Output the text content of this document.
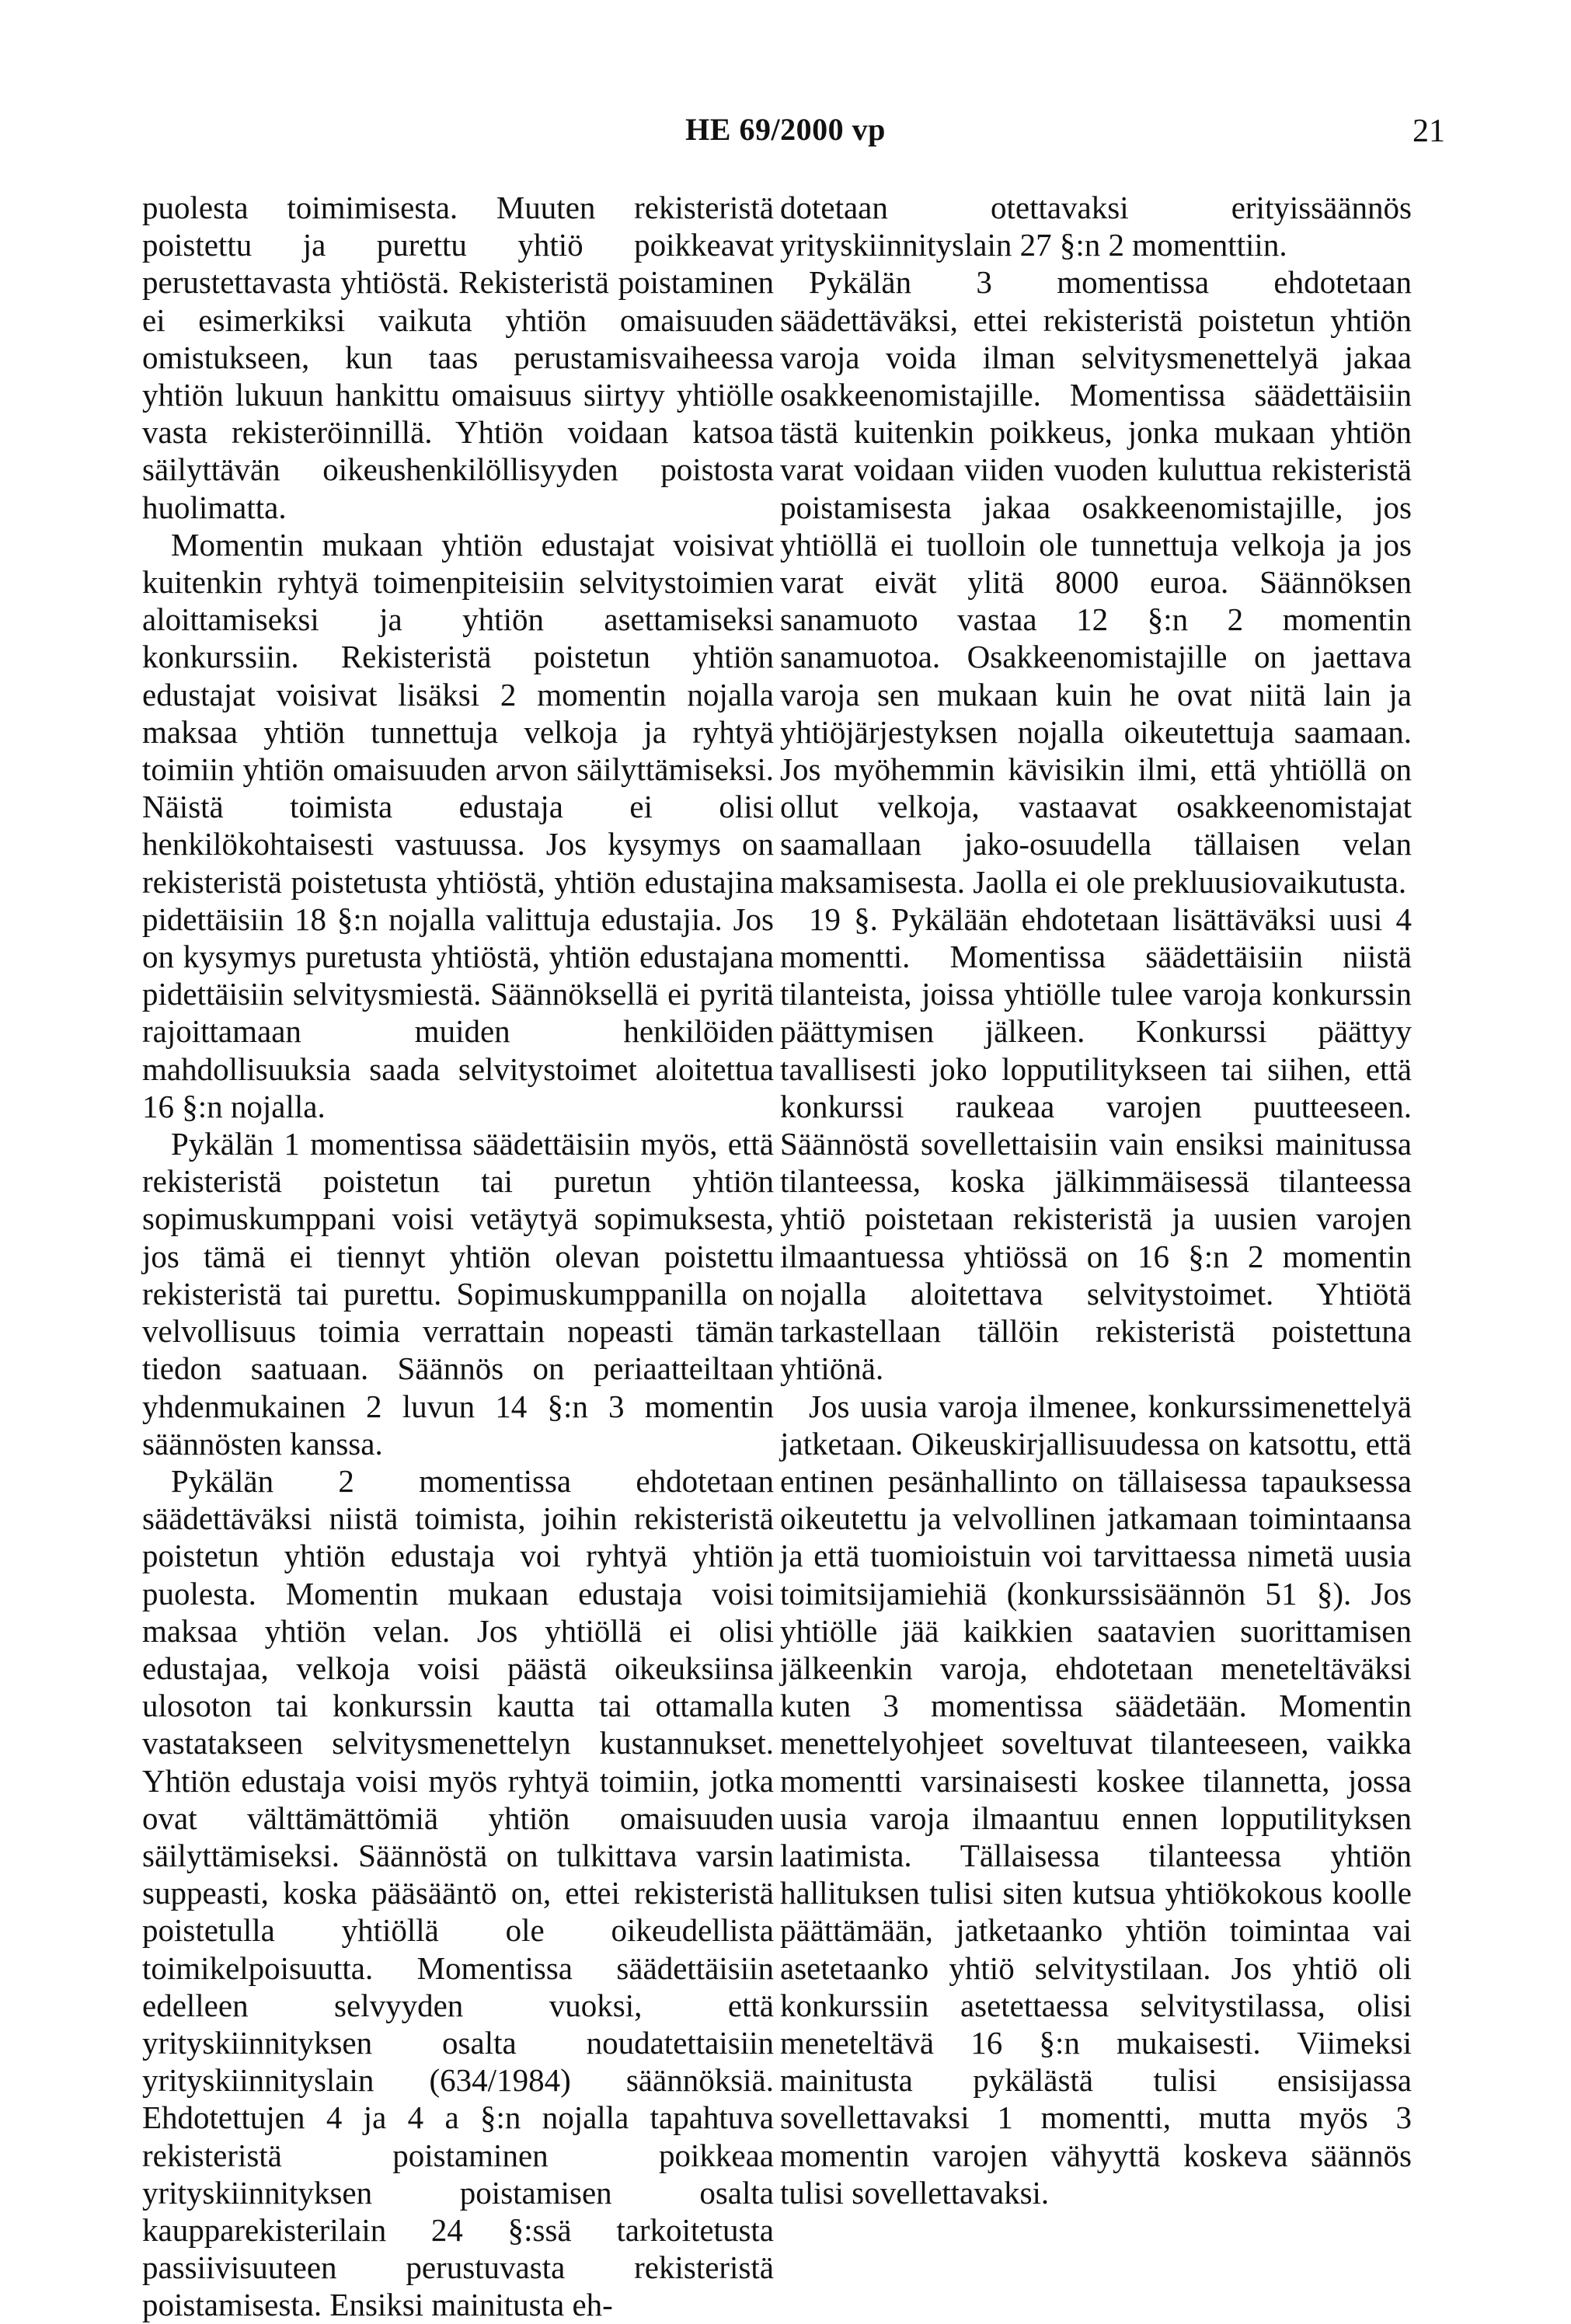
HE 69/2000 vp	21

puolesta toimimisesta. Muuten rekisteristä poistettu ja purettu yhtiö poikkeavat perustettavasta yhtiöstä. Rekisteristä poistaminen ei esimerkiksi vaikuta yhtiön omaisuuden omistukseen, kun taas perustamisvaiheessa yhtiön lukuun hankittu omaisuus siirtyy yhtiölle vasta rekisteröinnillä. Yhtiön voidaan katsoa säilyttävän oikeushenkilöllisyyden poistosta huolimatta.

Momentin mukaan yhtiön edustajat voisivat kuitenkin ryhtyä toimenpiteisiin selvitystoimien aloittamiseksi ja yhtiön asettamiseksi konkurssiin. Rekisteristä poistetun yhtiön edustajat voisivat lisäksi 2 momentin nojalla maksaa yhtiön tunnettuja velkoja ja ryhtyä toimiin yhtiön omaisuuden arvon säilyttämiseksi. Näistä toimista edustaja ei olisi henkilökohtaisesti vastuussa. Jos kysymys on rekisteristä poistetusta yhtiöstä, yhtiön edustajina pidettäisiin 18 §:n nojalla valittuja edustajia. Jos on kysymys puretusta yhtiöstä, yhtiön edustajana pidettäisiin selvitysmiestä. Säännöksellä ei pyritä rajoittamaan muiden henkilöiden mahdollisuuksia saada selvitystoimet aloitettua 16 §:n nojalla.

Pykälän 1 momentissa säädettäisiin myös, että rekisteristä poistetun tai puretun yhtiön sopimuskumppani voisi vetäytyä sopimuksesta, jos tämä ei tiennyt yhtiön olevan poistettu rekisteristä tai purettu. Sopimuskumppanilla on velvollisuus toimia verrattain nopeasti tämän tiedon saatuaan. Säännös on periaatteiltaan yhdenmukainen 2 luvun 14 §:n 3 momentin säännösten kanssa.

Pykälän 2 momentissa ehdotetaan säädettäväksi niistä toimista, joihin rekisteristä poistetun yhtiön edustaja voi ryhtyä yhtiön puolesta. Momentin mukaan edustaja voisi maksaa yhtiön velan. Jos yhtiöllä ei olisi edustajaa, velkoja voisi päästä oikeuksiinsa ulosoton tai konkurssin kautta tai ottamalla vastatakseen selvitysmenettelyn kustannukset. Yhtiön edustaja voisi myös ryhtyä toimiin, jotka ovat välttämättömiä yhtiön omaisuuden säilyttämiseksi. Säännöstä on tulkittava varsin suppeasti, koska pääsääntö on, ettei rekisteristä poistetulla yhtiöllä ole oikeudellista toimikelpoisuutta. Momentissa säädettäisiin edelleen selvyyden vuoksi, että yrityskiinnityksen osalta noudatettaisiin yrityskiinnityslain (634/1984) säännöksiä. Ehdotettujen 4 ja 4 a §:n nojalla tapahtuva rekisteristä poistaminen poikkeaa yrityskiinnityksen poistamisen osalta kaupparekisterilain 24 §:ssä tarkoitetusta passiivisuuteen perustuvasta rekisteristä poistamisesta. Ensiksi mainitusta eh-

dotetaan otettavaksi erityissäännös yrityskiinnityslain 27 §:n 2 momenttiin.

Pykälän 3 momentissa ehdotetaan säädettäväksi, ettei rekisteristä poistetun yhtiön varoja voida ilman selvitysmenettelyä jakaa osakkeenomistajille. Momentissa säädettäisiin tästä kuitenkin poikkeus, jonka mukaan yhtiön varat voidaan viiden vuoden kuluttua rekisteristä poistamisesta jakaa osakkeenomistajille, jos yhtiöllä ei tuolloin ole tunnettuja velkoja ja jos varat eivät ylitä 8000 euroa. Säännöksen sanamuoto vastaa 12 §:n 2 momentin sanamuotoa. Osakkeenomistajille on jaettava varoja sen mukaan kuin he ovat niitä lain ja yhtiöjärjestyksen nojalla oikeutettuja saamaan. Jos myöhemmin kävisikin ilmi, että yhtiöllä on ollut velkoja, vastaavat osakkeenomistajat saamallaan jako-osuudella tällaisen velan maksamisesta. Jaolla ei ole prekluusiovaikutusta.

19 §. Pykälään ehdotetaan lisättäväksi uusi 4 momentti. Momentissa säädettäisiin niistä tilanteista, joissa yhtiölle tulee varoja konkurssin päättymisen jälkeen. Konkurssi päättyy tavallisesti joko lopputilitykseen tai siihen, että konkurssi raukeaa varojen puutteeseen. Säännöstä sovellettaisiin vain ensiksi mainitussa tilanteessa, koska jälkimmäisessä tilanteessa yhtiö poistetaan rekisteristä ja uusien varojen ilmaantuessa yhtiössä on 16 §:n 2 momentin nojalla aloitettava selvitystoimet. Yhtiötä tarkastellaan tällöin rekisteristä poistettuna yhtiönä.

Jos uusia varoja ilmenee, konkurssimenettelyä jatketaan. Oikeuskirjallisuudessa on katsottu, että entinen pesänhallinto on tällaisessa tapauksessa oikeutettu ja velvollinen jatkamaan toimintaansa ja että tuomioistuin voi tarvittaessa nimetä uusia toimitsijamiehiä (konkurssisäännön 51 §). Jos yhtiölle jää kaikkien saatavien suorittamisen jälkeenkin varoja, ehdotetaan meneteltäväksi kuten 3 momentissa säädetään. Momentin menettelyohjeet soveltuvat tilanteeseen, vaikka momentti varsinaisesti koskee tilannetta, jossa uusia varoja ilmaantuu ennen lopputilityksen laatimista. Tällaisessa tilanteessa yhtiön hallituksen tulisi siten kutsua yhtiökokous koolle päättämään, jatketaanko yhtiön toimintaa vai asetetaanko yhtiö selvitystilaan. Jos yhtiö oli konkurssiin asetettaessa selvitystilassa, olisi meneteltävä 16 §:n mukaisesti. Viimeksi mainitusta pykälästä tulisi ensisijassa sovellettavaksi 1 momentti, mutta myös 3 momentin varojen vähyyttä koskeva säännös tulisi sovellettavaksi.
